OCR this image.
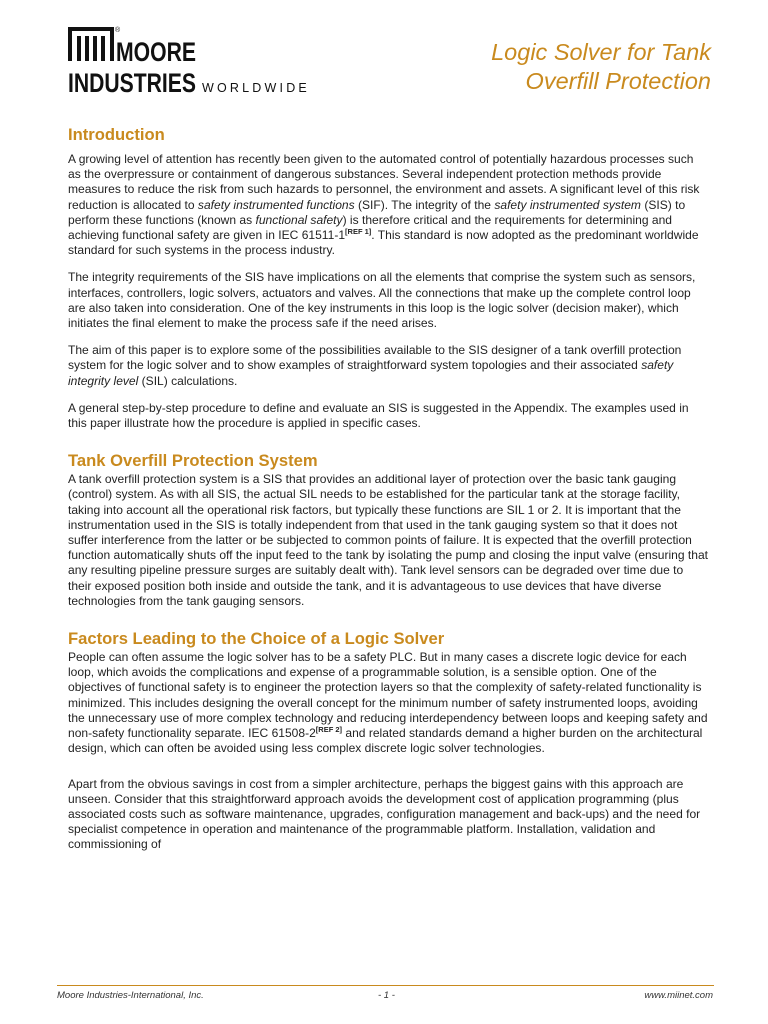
®
MOORE
INDUSTRIES WORLDWIDE
Logic Solver for Tank
Overfill Protection
Introduction

A growing level of attention has recently been given to the automated control of potentially hazardous processes such as the overpressure or containment of dangerous substances. Several independent protection methods provide measures to reduce the risk from such hazards to personnel, the environment and assets. A significant level of this risk reduction is allocated to safety instrumented functions (SIF). The integrity of the safety instrumented system (SIS) to perform these functions (known as functional safety) is therefore critical and the requirements for determining and achieving functional safety are given in IEC 61511-1[REF 1]. This standard is now adopted as the predominant worldwide standard for such systems in the process industry.

The integrity requirements of the SIS have implications on all the elements that comprise the system such as sensors, interfaces, controllers, logic solvers, actuators and valves. All the connections that make up the complete control loop are also taken into consideration. One of the key instruments in this loop is the logic solver (decision maker), which initiates the final element to make the process safe if the need arises.

The aim of this paper is to explore some of the possibilities available to the SIS designer of a tank overfill protection system for the logic solver and to show examples of straightforward system topologies and their associated safety integrity level (SIL) calculations.

A general step-by-step procedure to define and evaluate an SIS is suggested in the Appendix. The examples used in this paper illustrate how the procedure is applied in specific cases.

Tank Overfill Protection System

A tank overfill protection system is a SIS that provides an additional layer of protection over the basic tank gauging (control) system. As with all SIS, the actual SIL needs to be established for the particular tank at the storage facility, taking into account all the operational risk factors, but typically these functions are SIL 1 or 2. It is important that the instrumentation used in the SIS is totally independent from that used in the tank gauging system so that it does not suffer interference from the latter or be subjected to common points of failure. It is expected that the overfill protection function automatically shuts off the input feed to the tank by isolating the pump and closing the input valve (ensuring that any resulting pipeline pressure surges are suitably dealt with). Tank level sensors can be degraded over time due to their exposed position both inside and outside the tank, and it is advantageous to use devices that have diverse technologies from the tank gauging sensors.

Factors Leading to the Choice of a Logic Solver

People can often assume the logic solver has to be a safety PLC. But in many cases a discrete logic device for each loop, which avoids the complications and expense of a programmable solution, is a sensible option. One of the objectives of functional safety is to engineer the protection layers so that the complexity of safety-related functionality is minimized. This includes designing the overall concept for the minimum number of safety instrumented loops, avoiding the unnecessary use of more complex technology and reducing interdependency between loops and keeping safety and non-safety functionality separate. IEC 61508-2[REF 2] and related standards demand a higher burden on the architectural design, which can often be avoided using less complex discrete logic solver technologies.

Apart from the obvious savings in cost from a simpler architecture, perhaps the biggest gains with this approach are unseen. Consider that this straightforward approach avoids the development cost of application programming (plus associated costs such as software maintenance, upgrades, configuration management and back-ups) and the need for specialist competence in operation and maintenance of the programmable platform. Installation, validation and commissioning of

Moore Industries-International, Inc.	- 1 -	www.miinet.com
